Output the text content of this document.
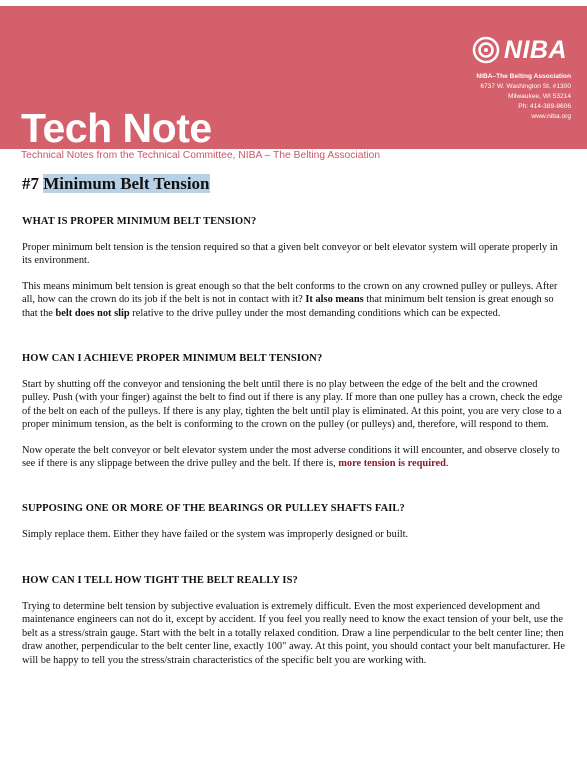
NIBA
NIBA–The Belting Association
6737 W. Washington St. #1300
Milwaukee, WI 53214
Ph: 414-389-8606
www.niba.org
Tech Note
Technical Notes from the Technical Committee, NIBA – The Belting Association
#7 Minimum Belt Tension
WHAT IS PROPER MINIMUM BELT TENSION?

Proper minimum belt tension is the tension required so that a given belt conveyor or belt elevator system will operate properly in its environment.

This means minimum belt tension is great enough so that the belt conforms to the crown on any crowned pulley or pulleys. After all, how can the crown do its job if the belt is not in contact with it? It also means that minimum belt tension is great enough so that the belt does not slip relative to the drive pulley under the most demanding conditions which can be expected.

HOW CAN I ACHIEVE PROPER MINIMUM BELT TENSION?

Start by shutting off the conveyor and tensioning the belt until there is no play between the edge of the belt and the crowned pulley. Push (with your finger) against the belt to find out if there is any play. If more than one pulley has a crown, check the edge of the belt on each of the pulleys. If there is any play, tighten the belt until play is eliminated. At this point, you are very close to a proper minimum tension, as the belt is conforming to the crown on the pulley (or pulleys) and, therefore, will respond to them.

Now operate the belt conveyor or belt elevator system under the most adverse conditions it will encounter, and observe closely to see if there is any slippage between the drive pulley and the belt. If there is, more tension is required.

SUPPOSING ONE OR MORE OF THE BEARINGS OR PULLEY SHAFTS FAIL?

Simply replace them. Either they have failed or the system was improperly designed or built.

HOW CAN I TELL HOW TIGHT THE BELT REALLY IS?

Trying to determine belt tension by subjective evaluation is extremely difficult. Even the most experienced development and maintenance engineers can not do it, except by accident. If you feel you really need to know the exact tension of your belt, use the belt as a stress/strain gauge. Start with the belt in a totally relaxed condition. Draw a line perpendicular to the belt center line; then draw another, perpendicular to the belt center line, exactly 100" away. At this point, you should contact your belt manufacturer. He will be happy to tell you the stress/strain characteristics of the specific belt you are working with.
